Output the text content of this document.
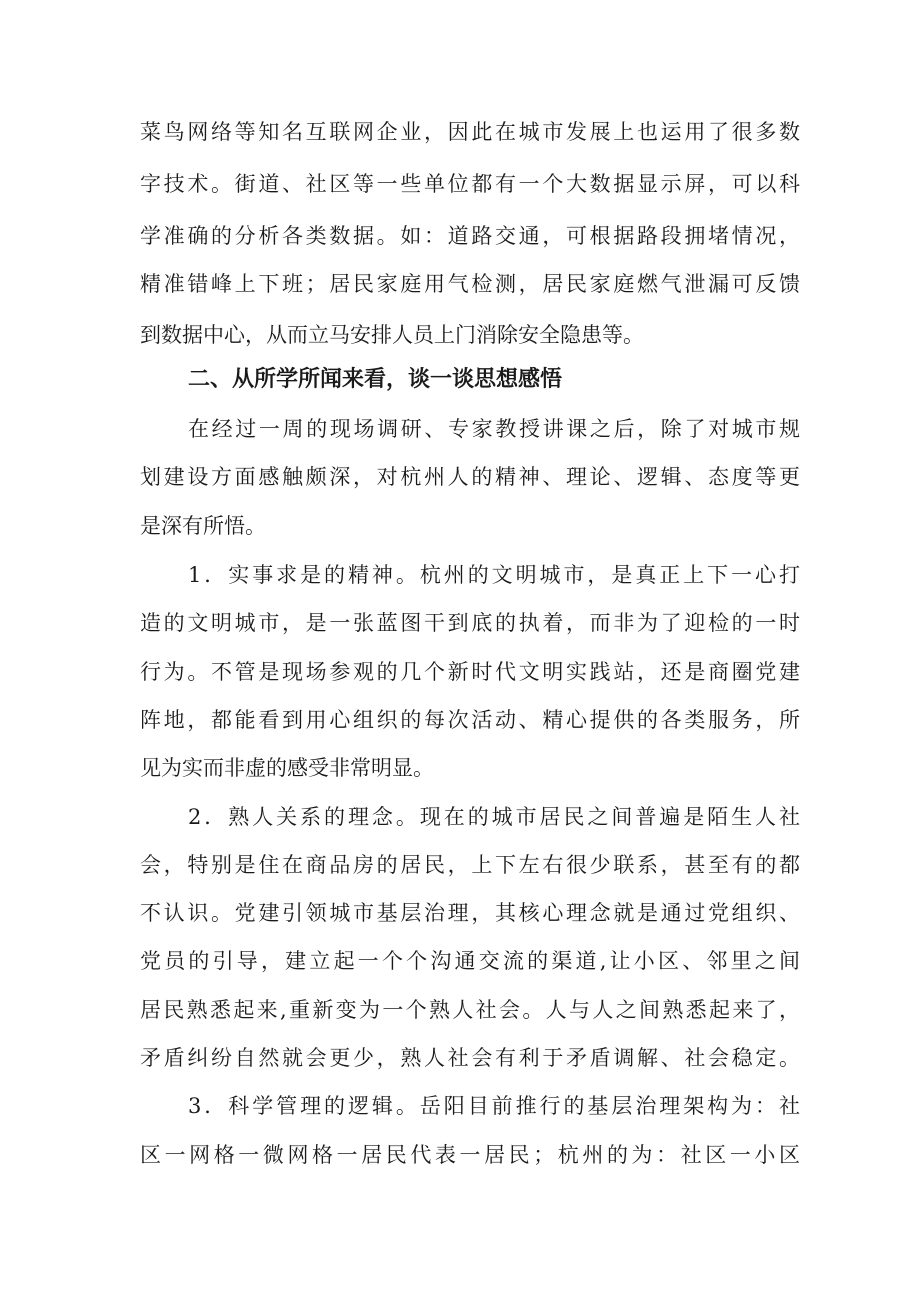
菜鸟网络等知名互联网企业，因此在城市发展上也运用了很多数
字技术。街道、社区等一些单位都有一个大数据显示屏，可以科
学准确的分析各类数据。如：道路交通，可根据路段拥堵情况，
精准错峰上下班；居民家庭用气检测，居民家庭燃气泄漏可反馈
到数据中心，从而立马安排人员上门消除安全隐患等。
二、从所学所闻来看，谈一谈思想感悟
在经过一周的现场调研、专家教授讲课之后，除了对城市规
划建设方面感触颇深，对杭州人的精神、理论、逻辑、态度等更
是深有所悟。
1．实事求是的精神。杭州的文明城市，是真正上下一心打
造的文明城市，是一张蓝图干到底的执着，而非为了迎检的一时
行为。不管是现场参观的几个新时代文明实践站，还是商圈党建
阵地，都能看到用心组织的每次活动、精心提供的各类服务，所
见为实而非虚的感受非常明显。
2．熟人关系的理念。现在的城市居民之间普遍是陌生人社
会，特别是住在商品房的居民，上下左右很少联系，甚至有的都
不认识。党建引领城市基层治理，其核心理念就是通过党组织、
党员的引导，建立起一个个沟通交流的渠道,让小区、邻里之间
居民熟悉起来,重新变为一个熟人社会。人与人之间熟悉起来了，
矛盾纠纷自然就会更少，熟人社会有利于矛盾调解、社会稳定。
3．科学管理的逻辑。岳阳目前推行的基层治理架构为：社
区一网格一微网格一居民代表一居民；杭州的为：社区一小区
